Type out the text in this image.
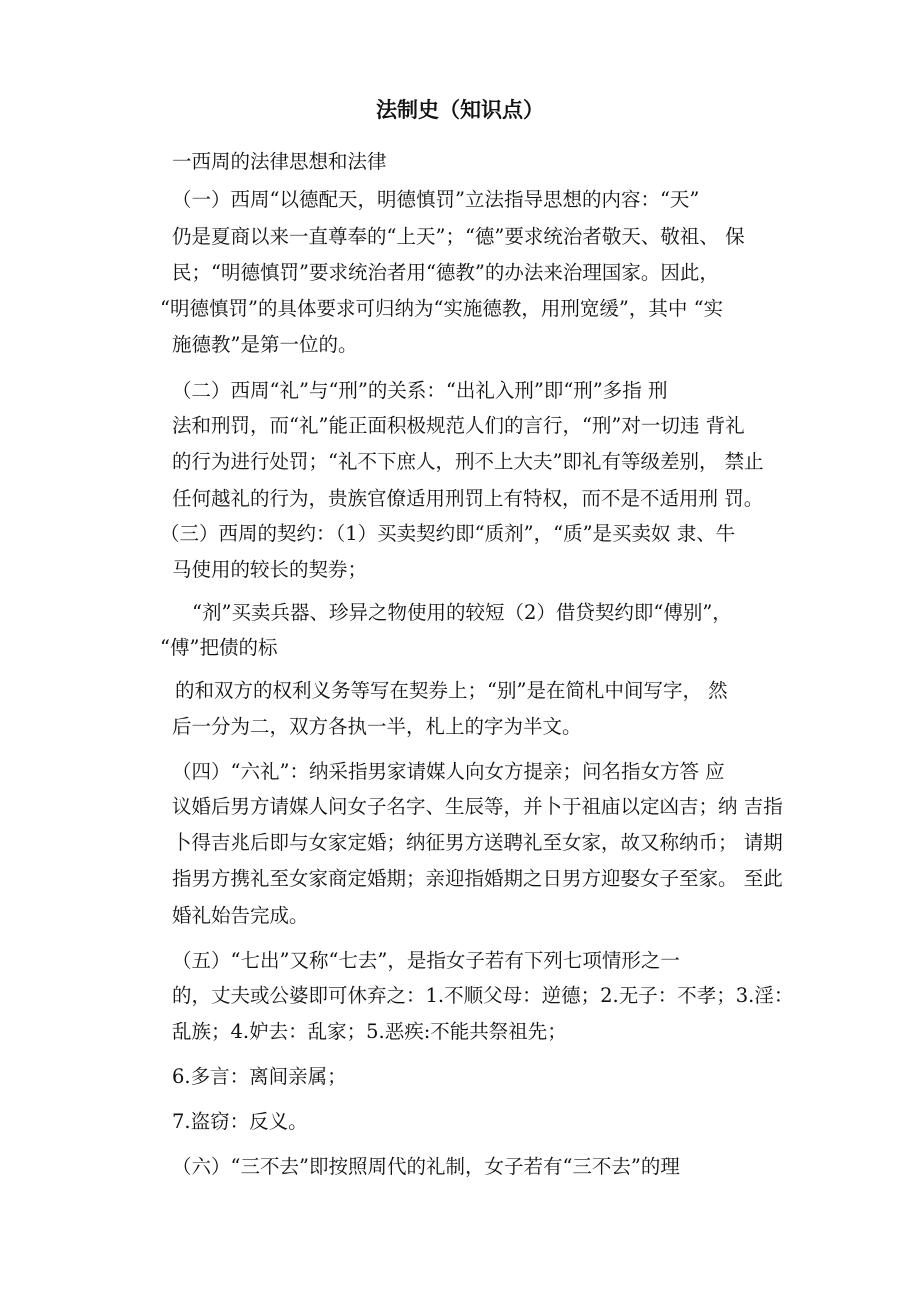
法制史（知识点）
一西周的法律思想和法律
（一）西周“以德配天，明德慎罚”立法指导思想的内容：“天”
仍是夏商以来一直尊奉的“上天”；“德”要求统治者敬天、敬祖、 保
民；“明德慎罚”要求统治者用“德教”的办法来治理国家。因此，
“明德慎罚”的具体要求可归纳为“实施德教，用刑宽缓”，其中 “实
施德教”是第一位的。
（二）西周“礼”与“刑”的关系：“出礼入刑”即“刑”多指 刑
法和刑罚，而“礼”能正面积极规范人们的言行，“刑”对一切违 背礼
的行为进行处罚；“礼不下庶人，刑不上大夫”即礼有等级差别， 禁止
任何越礼的行为，贵族官僚适用刑罚上有特权，而不是不适用刑 罚。
（三）西周的契约：（1）买卖契约即“质剂”，“质”是买卖奴 隶、牛
马使用的较长的契券；
“剂”买卖兵器、珍异之物使用的较短（2）借贷契约即“傅别”，
“傅”把债的标
的和双方的权利义务等写在契券上；“别”是在简札中间写字， 然
后一分为二，双方各执一半，札上的字为半文。
（四）“六礼”：纳采指男家请媒人向女方提亲；问名指女方答 应
议婚后男方请媒人问女子名字、生辰等，并卜于祖庙以定凶吉；纳 吉指
卜得吉兆后即与女家定婚；纳征男方送聘礼至女家，故又称纳币； 请期
指男方携礼至女家商定婚期；亲迎指婚期之日男方迎娶女子至家。 至此
婚礼始告完成。
（五）“七出”又称“七去”，是指女子若有下列七项情形之一
的，丈夫或公婆即可休弃之：1.不顺父母：逆德；2.无子：不孝；3.淫：
乱族；4.妒去：乱家；5.恶疾:不能共祭祖先；
6.多言：离间亲属；
7.盗窃：反义。
（六）“三不去”即按照周代的礼制，女子若有“三不去”的理
